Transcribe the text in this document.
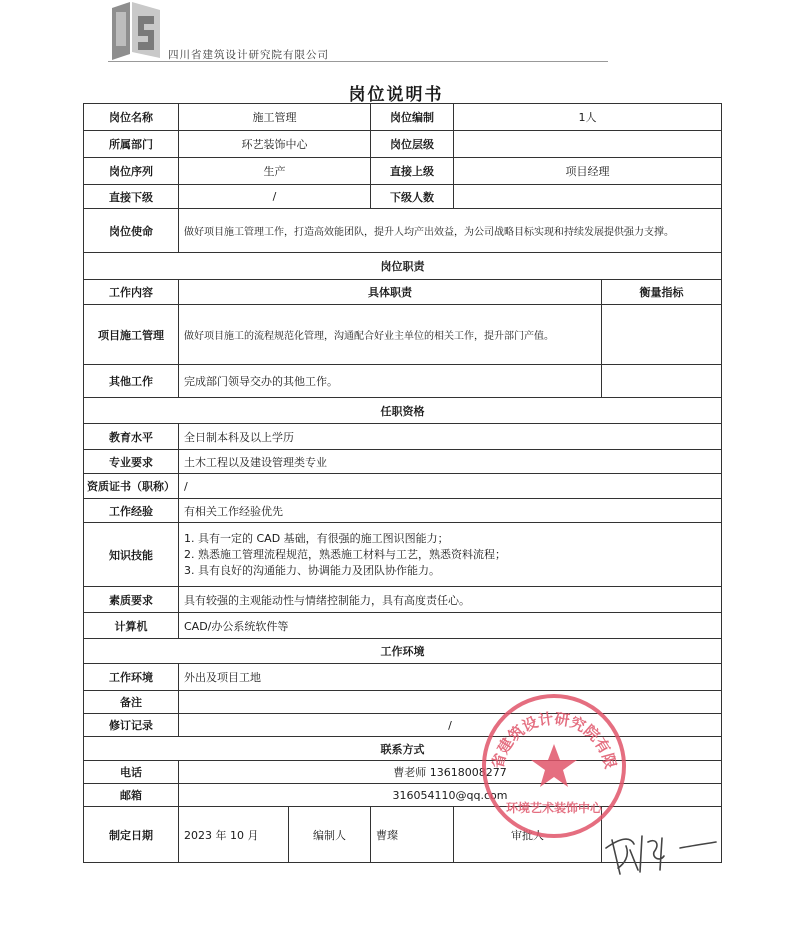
四川省建筑设计研究院有限公司
岗位说明书
岗位名称	施工管理		岗位编制	1人	
所属部门	环艺装饰中心		岗位层级		
岗位序列	生产		直接上级	项目经理	
直接下级	/		下级人数		
岗位使命	做好项目施工管理工作，打造高效能团队，提升人均产出效益，为公司战略目标实现和持续发展提供强力支撑。				
岗位职责					
工作内容	具体职责				衡量指标
项目施工管理	做好项目施工的流程规范化管理，沟通配合好业主单位的相关工作，提升部门产值。				
其他工作	完成部门领导交办的其他工作。				
任职资格					
教育水平	全日制本科及以上学历				
专业要求	土木工程以及建设管理类专业				
资质证书（职称）	/				
工作经验	有相关工作经验优先				
知识技能	1. 具有一定的 CAD 基础，有很强的施工图识图能力；
2. 熟悉施工管理流程规范，熟悉施工材料与工艺，熟悉资料流程；
3. 具有良好的沟通能力、协调能力及团队协作能力。				

素质要求	具有较强的主观能动性与情绪控制能力，具有高度责任心。				
计算机	CAD/办公系统软件等				
工作环境					
工作环境	外出及项目工地				
备注					
修订记录	/				
联系方式					
电话	曹老师 13618008277				
邮箱	316054110@qq.com				
制定日期	2023 年 10 月	编制人	曹璨	审批人	
省建筑设计研究院有限
环境艺术装饰中心
